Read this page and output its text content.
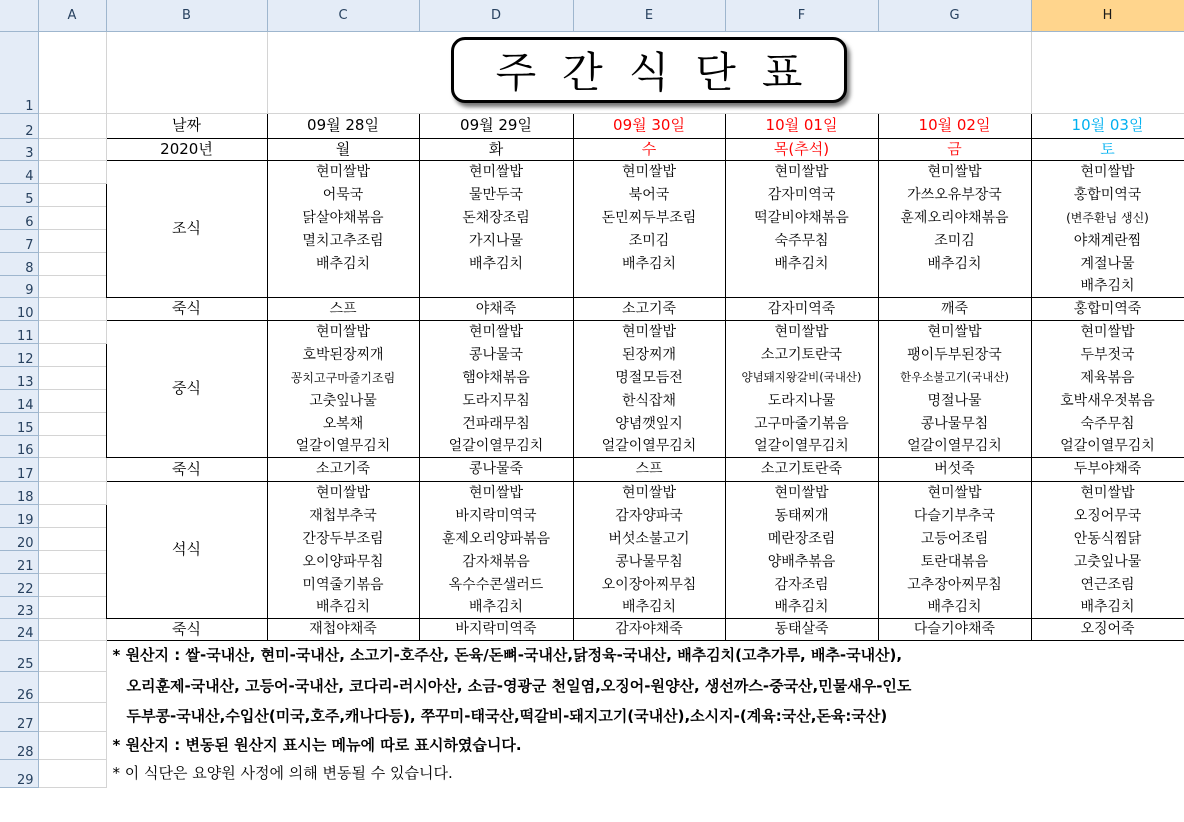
	A	B	C	D	E	F	G	H	
1			주간식단표						
2		날짜	09월 28일	09월 29일	09월 30일	10월 01일	10월 02일	10월 03일	
3		2020년	월	화	수	목(추석)	금	토	
4		조식	현미쌀밥	현미쌀밥	현미쌀밥	현미쌀밥	현미쌀밥	현미쌀밥	
5			어묵국	물만두국	북어국	감자미역국	가쓰오유부장국	홍합미역국	
6			닭살야채볶음	돈채장조림	돈민찌두부조림	떡갈비야채볶음	훈제오리야채볶음	(변주환님 생신)	
7			멸치고추조림	가지나물	조미김	숙주무침	조미김	야채계란찜	
8			배추김치	배추김치	배추김치	배추김치	배추김치	계절나물	
9								배추김치	
10		죽식	스프	야채죽	소고기죽	감자미역죽	깨죽	홍합미역죽	
11		중식	현미쌀밥	현미쌀밥	현미쌀밥	현미쌀밥	현미쌀밥	현미쌀밥	
12			호박된장찌개	콩나물국	된장찌개	소고기토란국	팽이두부된장국	두부젓국	
13			꽁치고구마줄기조림	햄야채볶음	명절모듬전	양념돼지왕갈비(국내산)	한우소불고기(국내산)	제육볶음	
14			고춧잎나물	도라지무침	한식잡채	도라지나물	명절나물	호박새우젓볶음	
15			오복채	건파래무침	양념깻잎지	고구마줄기볶음	콩나물무침	숙주무침	
16			얼갈이열무김치	얼갈이열무김치	얼갈이열무김치	얼갈이열무김치	얼갈이열무김치	얼갈이열무김치	
17		죽식	소고기죽	콩나물죽	스프	소고기토란죽	버섯죽	두부야채죽	
18		석식	현미쌀밥	현미쌀밥	현미쌀밥	현미쌀밥	현미쌀밥	현미쌀밥	
19			재첩부추국	바지락미역국	감자양파국	동태찌개	다슬기부추국	오징어무국	
20			간장두부조림	훈제오리양파볶음	버섯소불고기	메란장조림	고등어조림	안동식찜닭	
21			오이양파무침	감자채볶음	콩나물무침	양배추볶음	토란대볶음	고춧잎나물	
22			미역줄기볶음	옥수수콘샐러드	오이장아찌무침	감자조림	고추장아찌무침	연근조림	
23			배추김치	배추김치	배추김치	배추김치	배추김치	배추김치	
24		죽식	재첩야채죽	바지락미역죽	감자야채죽	동태살죽	다슬기야채죽	오징어죽	
25		* 원산지 : 쌀-국내산, 현미-국내산, 소고기-호주산, 돈육/돈뼈-국내산,닭정육-국내산, 배추김치(고추가루, 배추-국내산),							
26		오리훈제-국내산, 고등어-국내산, 코다리-러시아산, 소금-영광군 천일염,오징어-원양산, 생선까스-중국산,민물새우-인도							
27		두부콩-국내산,수입산(미국,호주,캐나다등), 쭈꾸미-태국산,떡갈비-돼지고기(국내산),소시지-(계육:국산,돈육:국산)							
28		* 원산지 : 변동된 원산지 표시는 메뉴에 따로 표시하였습니다.							
29		* 이 식단은 요양원 사정에 의해 변동될 수 있습니다.							
